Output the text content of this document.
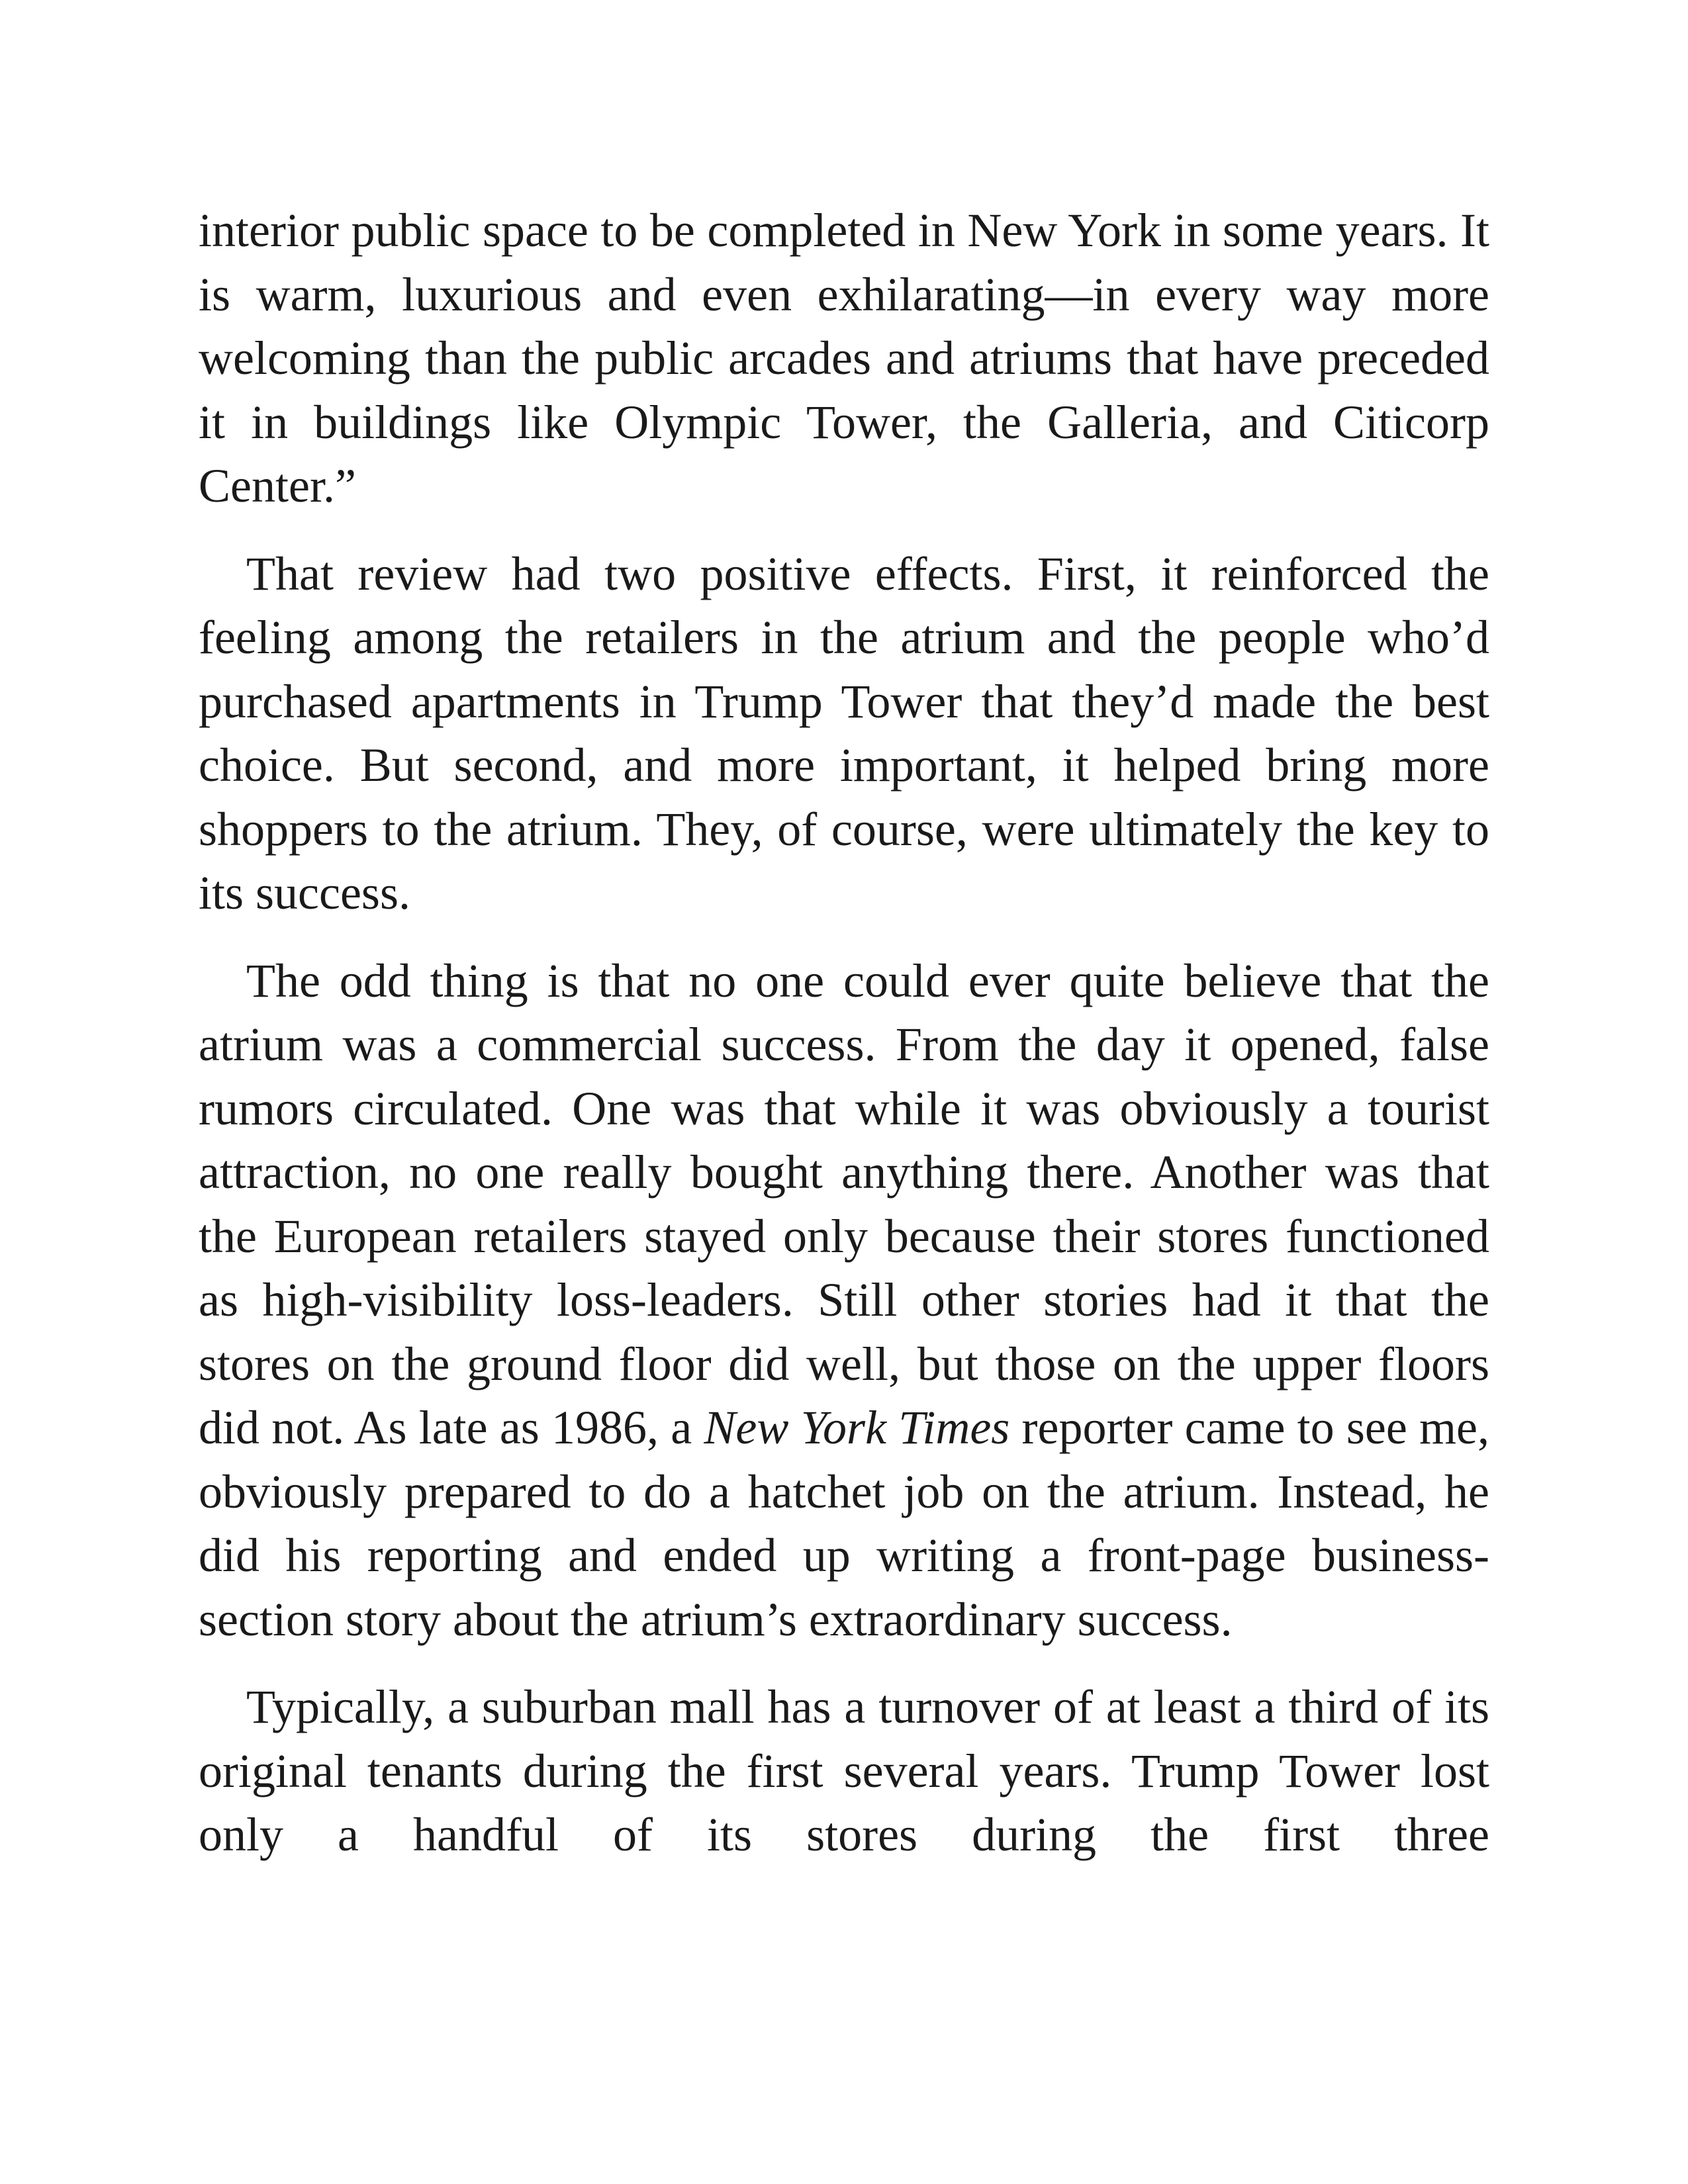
interior public space to be completed in New York in some years. It is warm, luxurious and even exhilarating—in every way more welcoming than the public arcades and atriums that have preceded it in buildings like Olympic Tower, the Galleria, and Citicorp Center.”

That review had two positive effects. First, it reinforced the feeling among the retailers in the atrium and the people who’d purchased apartments in Trump Tower that they’d made the best choice. But second, and more important, it helped bring more shoppers to the atrium. They, of course, were ultimately the key to its success.

The odd thing is that no one could ever quite believe that the atrium was a commercial success. From the day it opened, false rumors circulated. One was that while it was obviously a tourist attraction, no one really bought anything there. Another was that the European retailers stayed only because their stores functioned as high-visibility loss-leaders. Still other stories had it that the stores on the ground floor did well, but those on the upper floors did not. As late as 1986, a New York Times reporter came to see me, obviously prepared to do a hatchet job on the atrium. Instead, he did his reporting and ended up writing a front-page business-section story about the atrium’s extraordinary success.

Typically, a suburban mall has a turnover of at least a third of its original tenants during the first several years. Trump Tower lost only a handful of its stores during the first three
